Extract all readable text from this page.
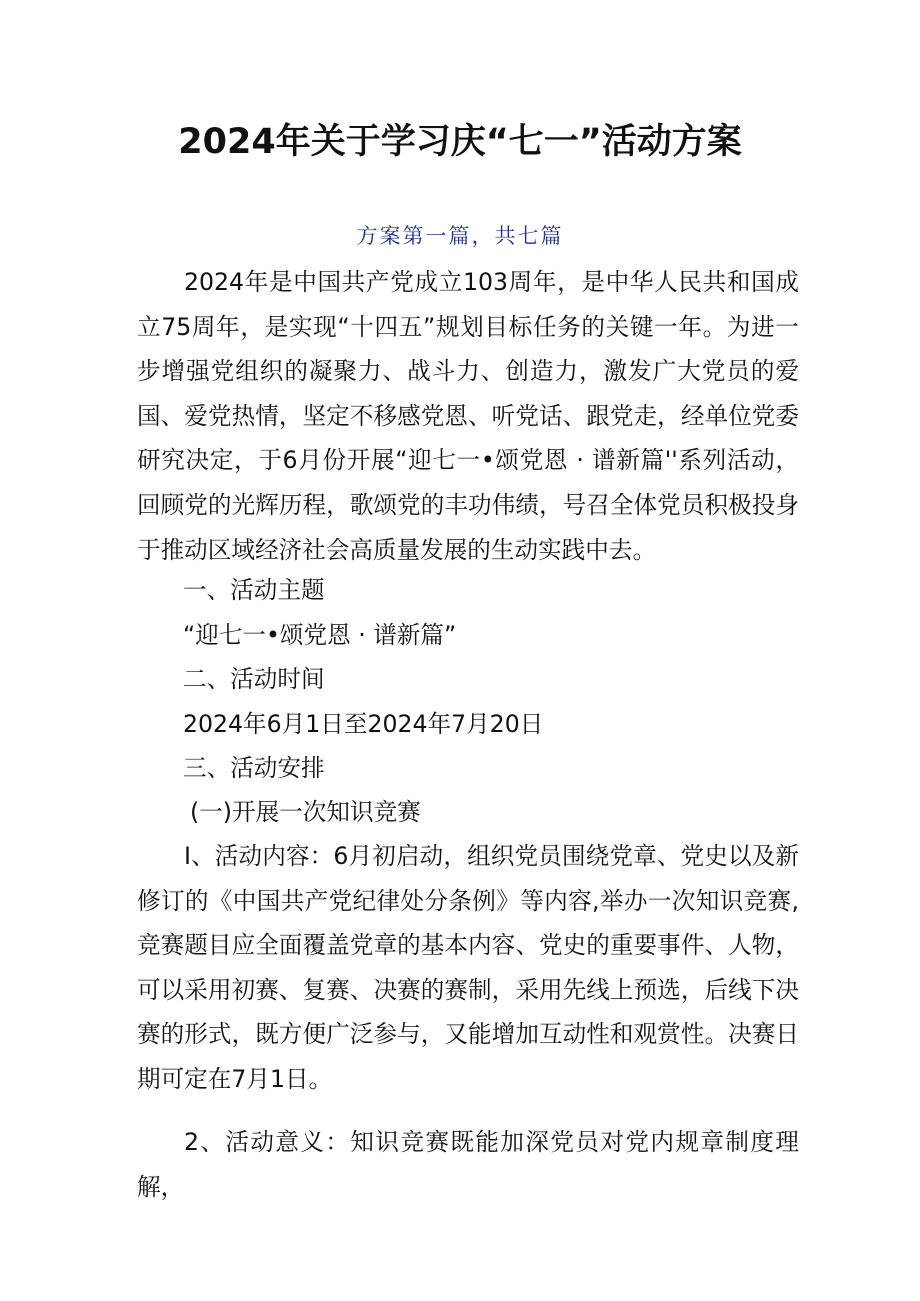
2024年关于学习庆“七一”活动方案

方案第一篇，共七篇

2024年是中国共产党成立103周年，是中华人民共和国成立75周年，是实现“十四五”规划目标任务的关键一年。为进一步增强党组织的凝聚力、战斗力、创造力，激发广大党员的爱国、爱党热情，坚定不移感党恩、听党话、跟党走，经单位党委研究决定，于6月份开展“迎七一•颂党恩 · 谱新篇''系列活动，回顾党的光辉历程，歌颂党的丰功伟绩，号召全体党员积极投身于推动区域经济社会高质量发展的生动实践中去。

一、活动主题

“迎七一•颂党恩 · 谱新篇”

二、活动时间

2024年6月1日至2024年7月20日

三、活动安排

(一)开展一次知识竞赛

I、活动内容：6月初启动，组织党员围绕党章、党史以及新修订的《中国共产党纪律处分条例》等内容,举办一次知识竞赛,竞赛题目应全面覆盖党章的基本内容、党史的重要事件、人物，可以采用初赛、复赛、决赛的赛制，采用先线上预选，后线下决赛的形式，既方便广泛参与，又能增加互动性和观赏性。决赛日期可定在7月1日。

2、活动意义：知识竞赛既能加深党员对党内规章制度理解，
